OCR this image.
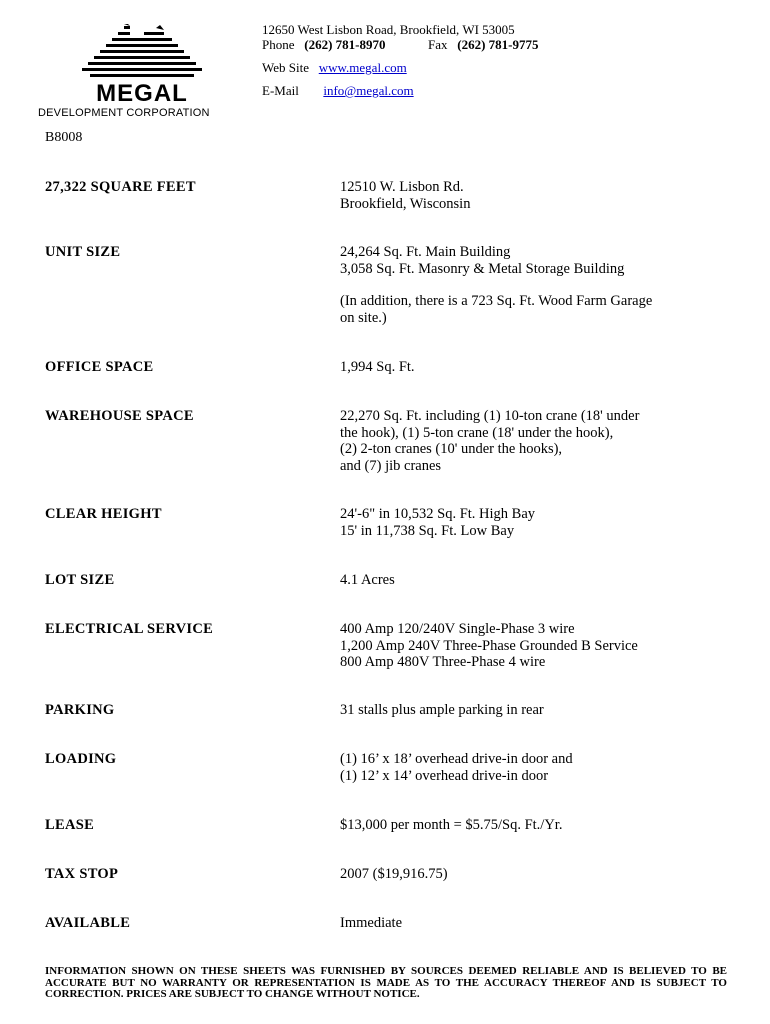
MEGAL
DEVELOPMENT CORPORATION
12650 West Lisbon Road, Brookfield, WI 53005
Phone (262) 781-8970	Fax (262) 781-9775
Web Site www.megal.com
E-Mail info@megal.com
B8008
27,322 SQUARE FEET	12510 W. Lisbon Rd.
Brookfield, Wisconsin
UNIT SIZE	24,264 Sq. Ft. Main Building
3,058 Sq. Ft. Masonry & Metal Storage Building
(In addition, there is a 723 Sq. Ft. Wood Farm Garage
on site.)
OFFICE SPACE	1,994 Sq. Ft.
WAREHOUSE SPACE	22,270 Sq. Ft. including (1) 10-ton crane (18' under
the hook), (1) 5-ton crane (18' under the hook),
(2) 2-ton cranes (10' under the hooks),
and (7) jib cranes
CLEAR HEIGHT	24'-6" in 10,532 Sq. Ft. High Bay
15' in 11,738 Sq. Ft. Low Bay
LOT SIZE	4.1 Acres
ELECTRICAL SERVICE	400 Amp 120/240V Single-Phase 3 wire
1,200 Amp 240V Three-Phase Grounded B Service
800 Amp 480V Three-Phase 4 wire
PARKING	31 stalls plus ample parking in rear
LOADING	(1) 16’ x 18’ overhead drive-in door and
(1) 12’ x 14’ overhead drive-in door
LEASE	$13,000 per month = $5.75/Sq. Ft./Yr.
TAX STOP	2007 ($19,916.75)
AVAILABLE	Immediate
INFORMATION SHOWN ON THESE SHEETS WAS FURNISHED BY SOURCES DEEMED RELIABLE AND IS BELIEVED TO BE ACCURATE BUT NO WARRANTY OR REPRESENTATION IS MADE AS TO THE ACCURACY THEREOF AND IS SUBJECT TO CORRECTION. PRICES ARE SUBJECT TO CHANGE WITHOUT NOTICE.
